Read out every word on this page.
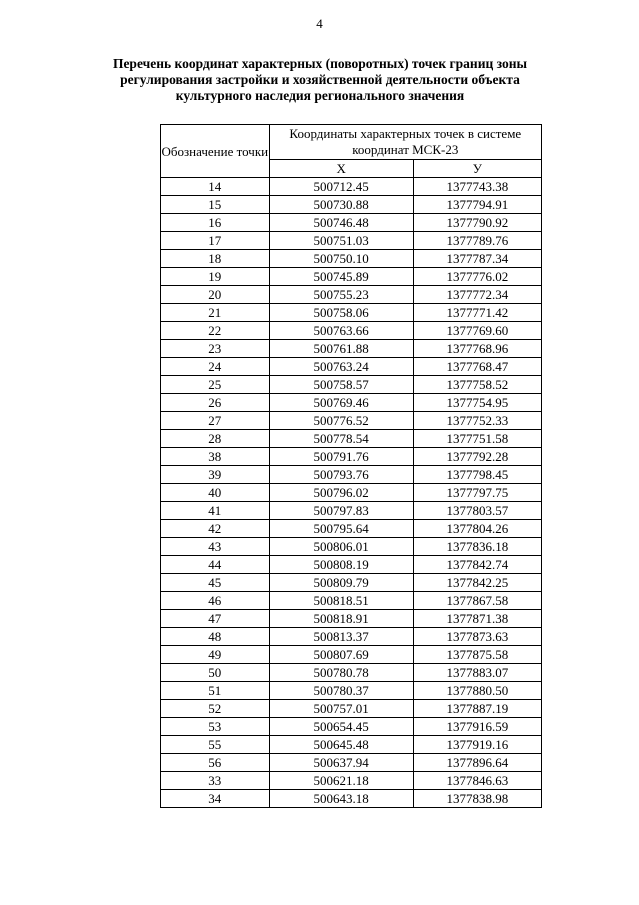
4
Перечень координат характерных (поворотных) точек границ зоны
регулирования застройки и хозяйственной деятельности объекта
культурного наследия регионального значения
Обозначение точки	Координаты характерных точек в системе координат МСК-23	
	X	У
14	500712.45	1377743.38
15	500730.88	1377794.91
16	500746.48	1377790.92
17	500751.03	1377789.76
18	500750.10	1377787.34
19	500745.89	1377776.02
20	500755.23	1377772.34
21	500758.06	1377771.42
22	500763.66	1377769.60
23	500761.88	1377768.96
24	500763.24	1377768.47
25	500758.57	1377758.52
26	500769.46	1377754.95
27	500776.52	1377752.33
28	500778.54	1377751.58
38	500791.76	1377792.28
39	500793.76	1377798.45
40	500796.02	1377797.75
41	500797.83	1377803.57
42	500795.64	1377804.26
43	500806.01	1377836.18
44	500808.19	1377842.74
45	500809.79	1377842.25
46	500818.51	1377867.58
47	500818.91	1377871.38
48	500813.37	1377873.63
49	500807.69	1377875.58
50	500780.78	1377883.07
51	500780.37	1377880.50
52	500757.01	1377887.19
53	500654.45	1377916.59
55	500645.48	1377919.16
56	500637.94	1377896.64
33	500621.18	1377846.63
34	500643.18	1377838.98
